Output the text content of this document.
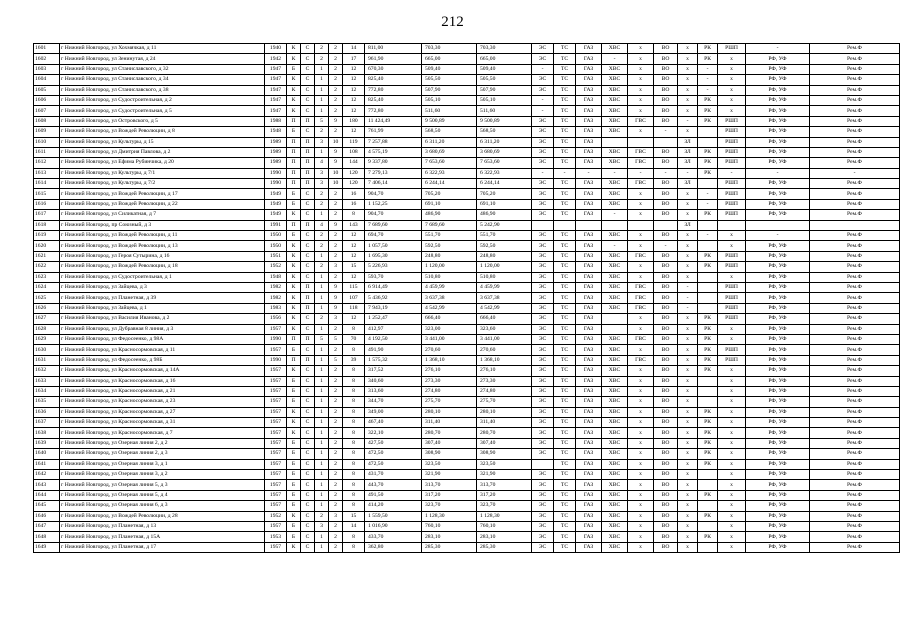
212
1601	г Нижний Новгород, ул Хохмячкая, д 11	1940	К	С	2	2	14	811,00	703,30	703,30	ЭС	ТС	ГАЗ	ХВС	х	ВО	х	РК	РШП	-	Рем.Ф
1602	г Нижний Новгород, ул Зенинутая, д 24	1942	К	С	2	2	17	961,90	665,00	665,00	ЭС	ТС	ГАЗ	-	х	ВО	х	РК	х	РФ, УФ	Рем.Ф
1603	г Нижний Новгород, ул Станиславского, д 32	1947	Б	С	1	2	12	670,30	509,40	509,40	-	ТС	ГАЗ	ХВС	х	ВО	х	-	х	РФ, УФ	Рем.Ф
1604	г Нижний Новгород, ул Станиславского, д 34	1947	К	С	1	2	12	825,40	505,50	505,50	ЭС	ТС	ГАЗ	ХВС	х	ВО	х	-	х	РФ, УФ	Рем.Ф
1605	г Нижний Новгород, ул Станиславского, д 38	1947	К	С	1	2	12	772,80	507,90	507,90	ЭС	ТС	ГАЗ	ХВС	х	ВО	х	-	х	РФ, УФ	Рем.Ф
1606	г Нижний Новгород, ул Судостроительная, д 2	1947	К	С	1	2	12	825,40	505,10	505,10	-	ТС	ГАЗ	ХВС	х	ВО	х	РК	х	РФ, УФ	Рем.Ф
1607	г Нижний Новгород, ул Судостроительная, д 5	1947	К	С	1	2	12	772,80	511,60	511,60	-	ТС	ГАЗ	ХВС	х	ВО	х	РК	х	РФ, УФ	Рем.Ф
1608	г Нижний Новгород, ул Островского, д 5	1988	П	П	5	9	180	11 424,49	9 500,89	9 500,89	ЭС	ТС	ГАЗ	ХВС	ГВС	ВО	-	РК	РШП	РФ, УФ	Рем.Ф
1609	г Нижний Новгород, ул Вождей Революции, д 8	1948	Б	С	2	2	12	761,99	568,50	568,50	ЭС	ТС	ГАЗ	ХВС	х	-	х		РШП	РФ, УФ	Рем.Ф
1610	г Нижний Новгород, ул Культуры, д 15	1989	П	П	3	10	119	7 257,88	6 311,20	6 311,20	ЭС	ТС	ГАЗ				ЗЛ		РШП	РФ, УФ	Рем.Ф
1611	г Нижний Новгород, ул Дмитрия Павлова, д 2	1989	П	П	1	9	108	4 575,19	3 680,69	3 680,69	ЭС	ТС	ГАЗ	ХВС	ГВС	ВО	ЗЛ	РК	РШП	РФ, УФ	Рем.Ф
1612	г Нижний Новгород, ул Ефима Рубинчика, д 20	1989	П	П	4	9	144	9 337,80	7 653,60	7 653,60	ЭС	ТС	ГАЗ	ХВС	ГВС	ВО	ЗЛ	РК	РШП	РФ, УФ	Рем.Ф
1613	г Нижний Новгород, ул Культуры, д 7/1	1990	П	П	3	10	120	7 279,13	6 322,93	6 322,93	-	-	-	-	-	-	-	РК	-	-	-
1614	г Нижний Новгород, ул Культуры, д 7/2	1990	П	П	3	10	120	7 406,14	6 244,14	6 244,14	ЭС	ТС	ГАЗ	ХВС	ГВС	ВО	ЗЛ		РШП	РФ, УФ	Рем.Ф
1615	г Нижний Новгород, ул Вождей Революции, д 17	1949	Б	С	2	2	16	904,70	705,20	705,20	ЭС	ТС	ГАЗ	ХВС	х	ВО	х	-	РШП	РФ, УФ	Рем.Ф
1616	г Нижний Новгород, ул Вождей Революции, д 22	1949	Б	С	2	2	16	1 152,25	691,10	691,10	ЭС	ТС	ГАЗ	ХВС	х	ВО	х	-	РШП	РФ, УФ	Рем.Ф
1617	г Нижний Новгород, ул Силикатная, д 7	1949	К	С	1	2	8	904,70	486,90	486,90	ЭС	ТС	ГАЗ	-	х	ВО	х	РК	РШП	РФ, УФ	Рем.Ф
1618	г Нижний Новгород, пр Союзный, д 3	1991	П	П	4	9	143	7 689,60	7 689,60	5 242,90							ЗЛ				
1619	г Нижний Новгород, ул Вождей Революции, д 11	1950	Б	С	2	2	12	694,70	551,70	551,70	ЭС	ТС	ГАЗ	ХВС	х	ВО	х	-	х	-	Рем.Ф
1620	г Нижний Новгород, ул Вождей Революции, д 13	1950	К	С	2	2	12	1 057,50	592,50	592,50	ЭС	ТС	ГАЗ	-	х	-	х		х	РФ, УФ	Рем.Ф
1621	г Нижний Новгород, ул Героя Сутырина, д 16	1951	К	С	1	2	12	1 695,30	248,80	248,80	ЭС	ТС	ГАЗ	ХВС	ГВС	ВО	х	РК	РШП	РФ, УФ	Рем.Ф
1622	г Нижний Новгород, ул Вождей Революции, д 18	1952	К	С	2	3	15	5 226,93	1 120,00	1 120,00	ЭС	ТС	ГАЗ	ХВС	х	ВО	х	РК	РШП	РФ, УФ	Рем.Ф
1623	г Нижний Новгород, ул Судостроительная, д 1	1948	К	С	1	2	12	593,70	510,80	510,80	ЭС	ТС	ГАЗ	ХВС	х	ВО	х		х	РФ, УФ	Рем.Ф
1624	г Нижний Новгород, ул Зайцева, д 3	1982	К	П	1	9	115	6 914,49	4 459,99	4 459,99	ЭС	ТС	ГАЗ	ХВС	ГВС	ВО	-		РШП	РФ, УФ	Рем.Ф
1625	г Нижний Новгород, ул Планетная, д 39	1982	К	П	1	9	107	5 436,92	3 637,38	3 637,38	ЭС	ТС	ГАЗ	ХВС	ГВС	ВО	-		РШП	РФ, УФ	Рем.Ф
1626	г Нижний Новгород, ул Зайцева, д 1	1983	К	П	1	9	118	7 943,19	4 542,99	4 542,99	ЭС	ТС	ГАЗ	ХВС	ГВС	ВО	-		РШП	РФ, УФ	Рем.Ф
1627	г Нижний Новгород, ул Василия Иванова, д 2	1956	К	С	2	3	12	1 252,47	666,40	666,40	ЭС	ТС	ГАЗ		х	ВО	х	РК	РШП	РФ, УФ	Рем.Ф
1628	г Нижний Новгород, ул Дубравная 8 линия, д 3	1957	К	С	1	2	8	412,97	323,00	323,60	ЭС	ТС	ГАЗ		х	ВО	х	РК	х	РФ, УФ	Рем.Ф
1629	г Нижний Новгород, ул Федосеенко, д 98А	1990	П	П	5	5	70	4 192,50	3 441,00	3 441,00	ЭС	ТС	ГАЗ	ХВС	ГВС	ВО	х	РК	х	РФ, УФ	Рем.Ф
1630	г Нижний Новгород, ул Красносормовская, д 11	1957	Б	С	1	2	8	491,90	270,60	270,60	ЭС	ТС	ГАЗ	ХВС	х	ВО	х	РК	РШП	РФ, УФ	Рем.Ф
1631	г Нижний Новгород, ул Федосеенко, д 98Б	1990	П	П	1	5	39	1 575,32	1 368,10	1 368,10	ЭС	ТС	ГАЗ	ХВС	ГВС	ВО	х	РК	РШП	РФ, УФ	Рем.Ф
1632	г Нижний Новгород, ул Красносормовская, д 14А	1957	К	С	1	2	8	317,52	276,10	276,10	ЭС	ТС	ГАЗ	ХВС	х	ВО	х	РК	х	РФ, УФ	Рем.Ф
1633	г Нижний Новгород, ул Красносормовская, д 16	1957	Б	С	1	2	8	340,60	273,30	273,30	ЭС	ТС	ГАЗ	ХВС	х	ВО	х		х	РФ, УФ	Рем.Ф
1634	г Нижний Новгород, ул Красносормовская, д 21	1957	Б	С	1	2	8	313,60	274,80	274,80	ЭС	ТС	ГАЗ	ХВС	х	ВО	х		х	РФ, УФ	Рем.Ф
1635	г Нижний Новгород, ул Красносормовская, д 23	1957	Б	С	1	2	8	344,70	275,70	275,70	ЭС	ТС	ГАЗ	ХВС	х	ВО	х		х	РФ, УФ	Рем.Ф
1636	г Нижний Новгород, ул Красносормовская, д 27	1957	К	С	1	2	8	349,00	280,10	280,10	ЭС	ТС	ГАЗ	ХВС	х	ВО	х	РК	х	РФ, УФ	Рем.Ф
1637	г Нижний Новгород, ул Красносормовская, д 31	1957	К	С	1	2	8	467,40	311,40	311,40	ЭС	ТС	ГАЗ	ХВС	х	ВО	х	РК	х	РФ, УФ	Рем.Ф
1638	г Нижний Новгород, ул Красносормовская, д 7	1957	К	С	1	2	8	322,10	280,70	280,70	ЭС	ТС	ГАЗ	ХВС	х	ВО	х	РК	х	РФ, УФ	Рем.Ф
1639	г Нижний Новгород, ул Озерная линия 2, д 2	1957	Б	С	1	2	8	427,50	307,40	307,40	ЭС	ТС	ГАЗ	ХВС	х	ВО	х	РК	х	РФ, УФ	Рем.Ф
1640	г Нижний Новгород, ул Озерная линия 2, д 3	1957	Б	С	1	2	8	472,50	308,90	308,90	ЭС	ТС	ГАЗ	ХВС	х	ВО	х	РК	х	РФ, УФ	Рем.Ф
1641	г Нижний Новгород, ул Озерная линия 3, д 1	1957	Б	С	1	2	8	472,50	323,50	323,50		ТС	ГАЗ	ХВС	х	ВО	х	РК	х	РФ, УФ	Рем.Ф
1642	г Нижний Новгород, ул Озерная линия 3, д 2	1957	Б	С	1	2	8	431,70	321,90	321,90	ЭС	ТС	ГАЗ	ХВС	х	ВО	х		х	РФ, УФ	Рем.Ф
1643	г Нижний Новгород, ул Озерная линия 5, д 3	1957	Б	С	1	2	8	443,70	313,70	313,70	ЭС	ТС	ГАЗ	ХВС	х	ВО	х		х	РФ, УФ	Рем.Ф
1644	г Нижний Новгород, ул Озерная линия 5, д 4	1957	Б	С	1	2	8	491,50	317,20	317,20	ЭС	ТС	ГАЗ	ХВС	х	ВО	х	РК	х	РФ, УФ	Рем.Ф
1645	г Нижний Новгород, ул Озерная линия 6, д 3	1957	Б	С	1	2	8	414,20	323,70	323,70	ЭС	ТС	ГАЗ	ХВС	х	ВО	х		х	РФ, УФ	Рем.Ф
1646	г Нижний Новгород, ул Вождей Революции, д 28	1952	К	С	2	3	15	1 559,50	1 128,30	1 128,30	ЭС	ТС	ГАЗ	ХВС	х	ВО	х	РК	х	РФ, УФ	Рем.Ф
1647	г Нижний Новгород, ул Планетная, д 13	1957	Б	С	3	2	14	1 016,90	760,10	760,10	ЭС	ТС	ГАЗ	ХВС	х	ВО	х		х	РФ, УФ	Рем.Ф
1648	г Нижний Новгород, ул Планетная, д 15А	1953	Б	С	1	2	8	433,70	283,10	283,10	ЭС	ТС	ГАЗ	ХВС	х	ВО	х	РК	х	РФ, УФ	Рем.Ф
1649	г Нижний Новгород, ул Планетная, д 17	1957	К	С	1	2	8	362,80	285,30	285,30	ЭС	ТС	ГАЗ	ХВС	х	ВО	х		х	РФ, УФ	Рем.Ф
